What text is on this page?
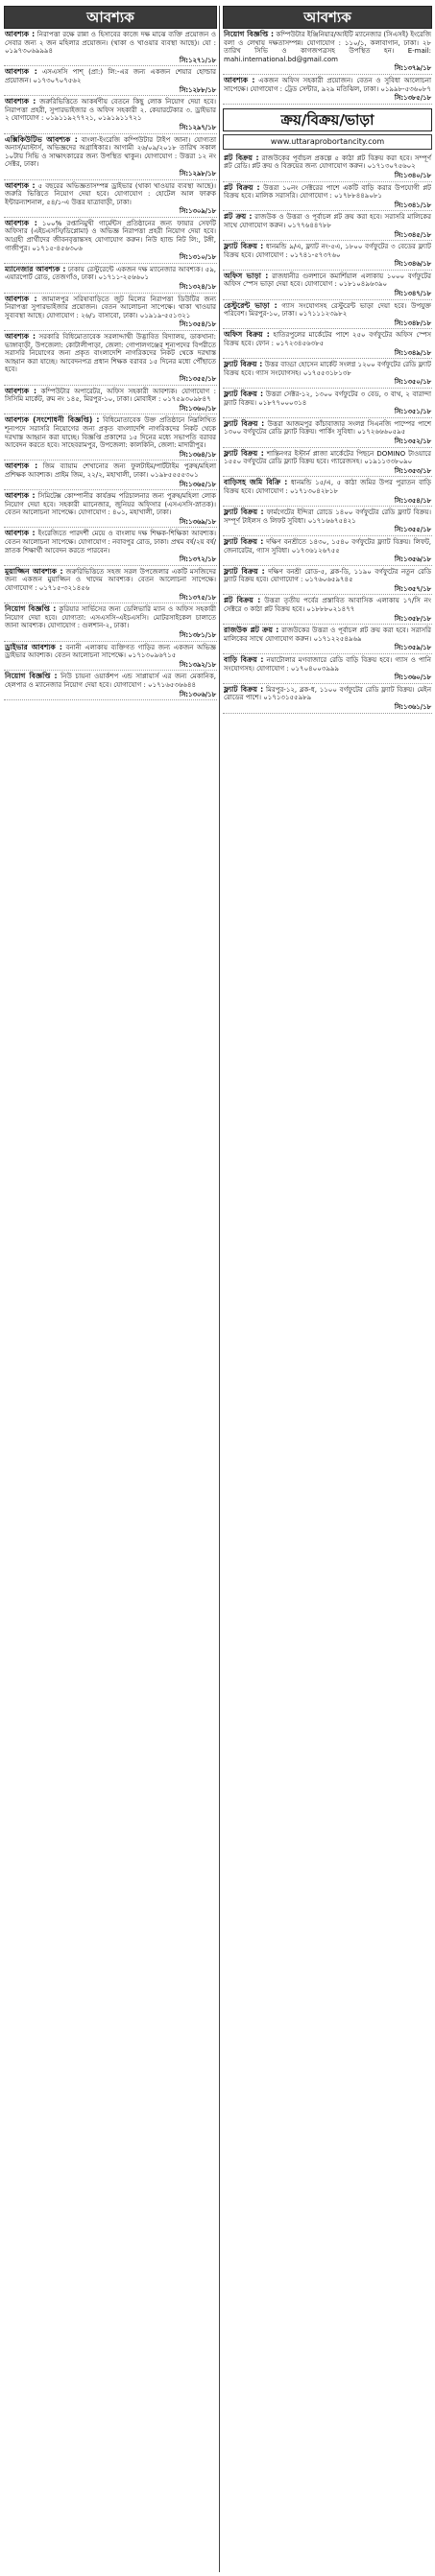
আবশ্যক
আবশ্যক : নিরাপত্তা রক্ষে রান্না ও হিসাবের কাজে দক্ষ মাঝে ব্যক্তি প্রয়োজন ও সেবার জন্য ২ জন মহিলার প্রয়োজন। (থাকা ও খাওয়ার ব্যবস্থা আছে)। যো : ০১৯৭৩০৬৯৯৯৪
সি:১২৭১/১৮
আবশ্যক : এসএসসি পাশ্‌ (প্রা:) লি:-এর জন্য একজন শেয়ার হোল্ডার প্রয়োজন। ০১৭৩০৭০৭৫৬২
সি:১২৮৮/১৮
আবশ্যক : জরুরিভিত্তিতে আকর্ষণীয় বেতনে কিছু লোক নিয়োগ দেয়া হবে। নিরাপত্তা প্রহরী, সুপারভাইজার ও অফিস সহকারী ২. কেয়ারটেকার ৩. ড্রাইভার ২ যোগাযোগ : ০১৯১১৯২৭৭২১, ০১৯১৯১১৭২১
সি:১২৯৭/১৮
এক্সিকিউটিভ আবশ্যক : বাংলা-ইংরেজি কম্পিউটার টাইপ জানা। যোগ্যতা অনার্স/মাস্টার্স, অভিজ্ঞদের অগ্রাধিকার। আগামী ২৬/০৯/২০১৮ তারিখ সকাল ১০টায় সিভি ও সাক্ষাৎকারের জন্য উপস্থিত থাকুন। যোগাযোগ : উত্তরা ১২ নং সেক্টর, ঢাকা।
সি:১২৯৮/১৮
আবশ্যক : ৫ বছরের অভিজ্ঞতাসম্পন্ন ড্রাইভার (থাকা খাওয়ার ব্যবস্থা আছে)। জরুরি ভিত্তিতে নিয়োগ দেয়া হবে। যোগাযোগ : হোটেল আল ফারুক ইন্টারন্যাশনাল, ৫৪/১-এ উত্তর যাত্রাবাড়ী, ঢাকা।
সি:১৩০৯/১৮
আবশ্যক : ১০০% রপ্তানিমুখী গার্মেন্টস প্রতিষ্ঠানের জন্য ফায়ার সেফটি অফিসার (এইচএসসি/ডিপ্লোমা) ও অভিজ্ঞ নিরাপত্তা প্রহরী নিয়োগ দেয়া হবে। আগ্রহী প্রার্থীদের জীবনবৃত্তান্তসহ যোগাযোগ করুন। নিউ হ্যান্ড নিট লি:, টঙ্গী, গাজীপুর। ০১৭১৫-৪৫৬৩০৬
সি:১৩১০/১৮
ম্যানেজার আবশ্যক : ঢাকায় রেস্টুরেন্টে একজন দক্ষ ম্যানেজার আবশ্যক। ৫৯, এয়ারপোর্ট রোড, তেজগাঁও, ঢাকা। ০১৭১১-২৫৬৬০১
সি:১৩২৪/১৮
আবশ্যক : জামালপুর সরিষাবাড়িতে জুট মিলের নিরাপত্তা ডিউটির জন্য নিরাপত্তা সুপারভাইজার প্রয়োজন। বেতন আলোচনা সাপেক্ষে। থাকা খাওয়ার সুব্যবস্থা আছে। যোগাযোগ : ২৬/১ বাসাবো, ঢাকা। ০১৯১৯-৫৫১৩২১
সি:১৩৫৪/১৮
আবশ্যক : সরকারি বিধিমোতাবেক সরলাদ্দাম্মী উদ্ভাবিত বিদ্যালয়, ডাকখানা: ভাঙ্গাবাড়ী, উপজেলা: কোটালীপাড়া, জেলা: গোপালগঞ্জের শূন্যপদের বিপরীতে সরাসরি নিয়োগের জন্য প্রকৃত বাংলাদেশি নাগরিকদের নিকট থেকে দরখাস্ত আহ্বান করা যাচ্ছে। আবেদনপত্র প্রধান শিক্ষক বরাবর ১৫ দিনের মধ্যে পৌঁছাতে হবে।
সি:১৩৫৫/১৮
আবশ্যক : কম্পিউটার অপারেটর, অফিস সহকারী আবশ্যক। যোগাযোগ : সিসিমি মার্কেট, রুম নং ১৪৫, মিরপুর-১০, ঢাকা। মোবাইল : ০১৭৫৯৩০৯৮৪৭
সি:১৩৬০/১৮
আবশ্যক (সংশোধনী বিজ্ঞপ্তি) : বিধিমোতাবেক উক্ত প্রতিষ্ঠানে নিম্নলিখিত শূন্যপদে সরাসরি নিয়োগের জন্য প্রকৃত বাংলাদেশি নাগরিকদের নিকট থেকে দরখাস্ত আহ্বান করা যাচ্ছে। বিজ্ঞপ্তি প্রকাশের ১৫ দিনের মধ্যে সভাপতি বরাবর আবেদন করতে হবে। সাহেবরামপুর, উপজেলা: কালকিনি, জেলা: মাদারীপুর।
সি:১৩৬৪/১৮
আবশ্যক : জিম ব্যায়াম শেখানোর জন্য ফুলটাইম/পার্টটাইম পুরুষ/মহিলা প্রশিক্ষক আবশ্যক। প্রাইম জিম, ২২/২, মহাখালী, ঢাকা। ০১৯৮৫৫৫৫৩০১
সি:১৩৬৫/১৮
আবশ্যক : সিমিটেক্স কোম্পানীর কার্যক্রম পরিচালনার জন্য পুরুষ/মহিলা লোক নিয়োগ দেয়া হবে। সহকারী ম্যানেজার, জুনিয়র অফিসার (এসএসসি-স্নাতক)। বেতন আলোচনা সাপেক্ষে। যোগাযোগ : ৪০১, মহাখালী, ঢাকা।
সি:১৩৬৯/১৮
আবশ্যক : ইংরেজিতে পারদর্শী মেয়ে ও বাংলায় দক্ষ শিক্ষক-শিক্ষিকা আবশ্যক। বেতন আলোচনা সাপেক্ষে। যোগাযোগ : নবাবপুর রোড, ঢাকা। প্রথম বর্ষ/২য় বর্ষ/স্নাতক শিক্ষার্থী আবেদন করতে পারবেন।
সি:১৩৭২/১৮
মুয়াজ্জিন আবশ্যক : জরুরিভিত্তিতে সহজ সরল উপজেলার একটি মসজিদের জন্য একজন মুয়াজ্জিন ও খাদেম আবশ্যক। বেতন আলোচনা সাপেক্ষে। যোগাযোগ : ০১৭১৫-৩২১৪৫৬
সি:১৩৭৫/১৮
নিয়োগ বিজ্ঞপ্তি : কুরিয়ার সার্ভিসের জন্য ডেলিভারি ম্যান ও অফিস সহকারী নিয়োগ দেয়া হবে। যোগ্যতা: এসএসসি-এইচএসসি। মোটরসাইকেল চালাতে জানা আবশ্যক। যোগাযোগ : গুলশান-২, ঢাকা।
সি:১৩৮১/১৮
ড্রাইভার আবশ্যক : বনানী এলাকায় ব্যক্তিগত গাড়ির জন্য একজন অভিজ্ঞ ড্রাইভার আবশ্যক। বেতন আলোচনা সাপেক্ষে। ০১৭১৩০৯৬৭১৫
সি:১৩৯২/১৮
নিয়োগ বিজ্ঞপ্তি : নিউ চায়না ওয়ার্কশপ এন্ড সাপ্লায়ার্স এর জন্য মেকানিক, হেলপার ও ম্যানেজার নিয়োগ দেয়া হবে। যোগাযোগ : ০১৭১৬৫৩৬৬৪৪
সি:১৩০৬/১৮
আবশ্যক
নিয়োগ বিজ্ঞপ্তি : কম্পিউটার ইঞ্জিনিয়ার/আইটি ম্যানেজার (সিএসই) ইংরেজি বলা ও লেখায় দক্ষতাসম্পন্ন। যোগাযোগ : ১১০/১, কলাবাগান, ঢাকা। ২৮ তারিখ সিভি ও কাগজপত্রসহ উপস্থিত হন। E-mail: mahi.international.bd@gmail.com
সি:১৩৭৯/১৮
আবশ্যক : একজন অফিস সহকারী প্রয়োজন। বেতন ও সুবিধা আলোচনা সাপেক্ষে। যোগাযোগ : ট্রেড সেন্টার, ৯২৯ মতিঝিল, ঢাকা। ০১৯৯৮-৫৩৬০৮৭
সি:১৩৮৫/১৮
ক্রয়/বিক্রয়/ভাড়া
www.uttaraprobortancity.com
প্লট বিক্রয় : রাজউকের পূর্বাচল প্রকল্পে ৫ কাঠা প্লট বিক্রয় করা হবে। সম্পূর্ণ প্লট রেডি। প্লট ক্রয় ও বিক্রয়ের জন্য যোগাযোগ করুন। ০১৭১৩০৭৫৬০২
সি:১৩৪০/১৮
প্লট বিক্রয় : উত্তরা ১০নং সেক্টরের পাশে একটি বাড়ি করার উপযোগী প্লট বিক্রয় হবে। মালিক সরাসরি। যোগাযোগ : ০১৭৮৮৪৪৯০৮১
সি:১৩৪১/১৮
প্লট ক্রয় : রাজউক ও উত্তরা ও পূর্বাচল প্লট ক্রয় করা হবে। সরাসরি মালিকের সাথে যোগাযোগ করুন। ০১৭৭৬৪৪৭৮৮
সি:১৩৪৫/১৮
ফ্ল্যাট বিক্রয় : ধানমন্ডি ৯/এ, ফ্ল্যাট নং-৫এ, ১৮০০ বর্গফুটের ৩ বেডের ফ্ল্যাট বিক্রয় হবে। যোগাযোগ : ০১৭৪১-৫৭৩৭৬০
সি:১৩৪৬/১৮
অফিস ভাড়া : রাজধানীর গুলশানে কমার্শিয়াল এলাকায় ১০০০ বর্গফুটের অফিস স্পেস ভাড়া দেয়া হবে। যোগাযোগ : ০১৮১০৪৯৬৩৯০
সি:১৩৪৭/১৮
রেস্টুরেন্ট ভাড়া : গ্যাস সংযোগসহ রেস্টুরেন্ট ভাড়া দেয়া হবে। উপযুক্ত পরিবেশ। মিরপুর-১০, ঢাকা। ০১৭১১১২৩৯৮২
সি:১৩৪৮/১৮
অফিস বিক্রয় : হাতিরপুলের মার্কেটের পাশে ২৫০ বর্গফুটের অফিস স্পেস বিক্রয় হবে। ফোন : ০১৭২৩৪৫৬৩৮৫
সি:১৩৪৯/১৮
ফ্ল্যাট বিক্রয় : উত্তর বাড্ডা হোসেন মার্কেট সংলগ্ন ১২০০ বর্গফুটের রেডি ফ্ল্যাট বিক্রয় হবে। গ্যাস সংযোগসহ। ০১৭৫৫৩১৮১৩৮
সি:১৩৫০/১৮
ফ্ল্যাট বিক্রয় : উত্তরা সেক্টর-১২, ১৩০০ বর্গফুটের ৩ বেড, ৩ বাথ, ২ বারান্দা ফ্ল্যাট বিক্রয়। ০১৮৭৭০০০৩১৪
সি:১৩৫১/১৮
ফ্ল্যাট বিক্রয় : উত্তরা আজমপুর কাঁচাবাজার সংলগ্ন সিএনজি পাম্পের পাশে ১৩০০ বর্গফুটের রেডি ফ্ল্যাট বিক্রয়। পার্কিং সুবিধা। ০১৭২৬৬৬০৫৯৫
সি:১৩৫২/১৮
ফ্ল্যাট বিক্রয় : শান্তিনগর ইস্টার্ন প্লাজা মার্কেটের পিছনে DOMINO টাওয়ারে ১৫৫০ বর্গফুটের রেডি ফ্ল্যাট বিক্রয় হবে। গ্যারেজসহ। ০১৯১১৩৩৮০৯০
সি:১৩৫৩/১৮
বাড়িসহ জমি বিক্রি : ধানমন্ডি ১৫/এ, ৫ কাঠা জমির উপর পুরাতন বাড়ি বিক্রয় হবে। যোগাযোগ : ০১৭১৩০৪২৮১৮
সি:১৩৫৪/১৮
ফ্ল্যাট বিক্রয় : ফার্মগেটের ইন্দিরা রোডে ১৪০০ বর্গফুটের রেডি ফ্ল্যাট বিক্রয়। সম্পূর্ণ টাইলস ও লিফট সুবিধা। ০১৭১৬৬৭৫৪২১
সি:১৩৫৫/১৮
ফ্ল্যাট বিক্রয় : দক্ষিণ বনশ্রীতে ১৪৩০, ১৫৪০ বর্গফুটের ফ্ল্যাট বিক্রয়। লিফট, জেনারেটর, গ্যাস সুবিধা। ০১৭৩৬১২৬৭৫৫
সি:১৩৫৬/১৮
ফ্ল্যাট বিক্রয় : দক্ষিণ বনশ্রী রোড-৫, ব্লক-ডি, ১১৯০ বর্গফুটের নতুন রেডি ফ্ল্যাট বিক্রয় হবে। যোগাযোগ : ০১৭৬০৬৫৯৭৪৫
সি:১৩৫৭/১৮
প্লট বিক্রয় : উত্তরা তৃতীয় পর্বের প্রস্তাবিত আবাসিক এলাকায় ১৭/সি নং সেক্টরে ৩ কাঠা প্লট বিক্রয় হবে। ০১৮৮৮০২১৪৭৭
সি:১৩৫৮/১৮
রাজউক প্লট ক্রয় : রাজউকের উত্তরা ও পূর্বাচল প্লট ক্রয় করা হবে। সরাসরি মালিকের সাথে যোগাযোগ করুন। ০১৭১২২৫৪৯৬৯
সি:১৩৫৯/১৮
বাড়ি বিক্রয় : নয়াটোলার মগবাজারে রেডি বাড়ি বিক্রয় হবে। গ্যাস ও পানি সংযোগসহ। যোগাযোগ : ০১৭০৪০০৩৯৯৯
সি:১৩৬০/১৮
ফ্ল্যাট বিক্রয় : মিরপুর-১২, ব্লক-ধ, ১১০০ বর্গফুটের রেডি ফ্ল্যাট বিক্রয়। মেইন রোডের পাশে। ০১৭১৩১৫৫৯৮৯
সি:১৩৬১/১৮
